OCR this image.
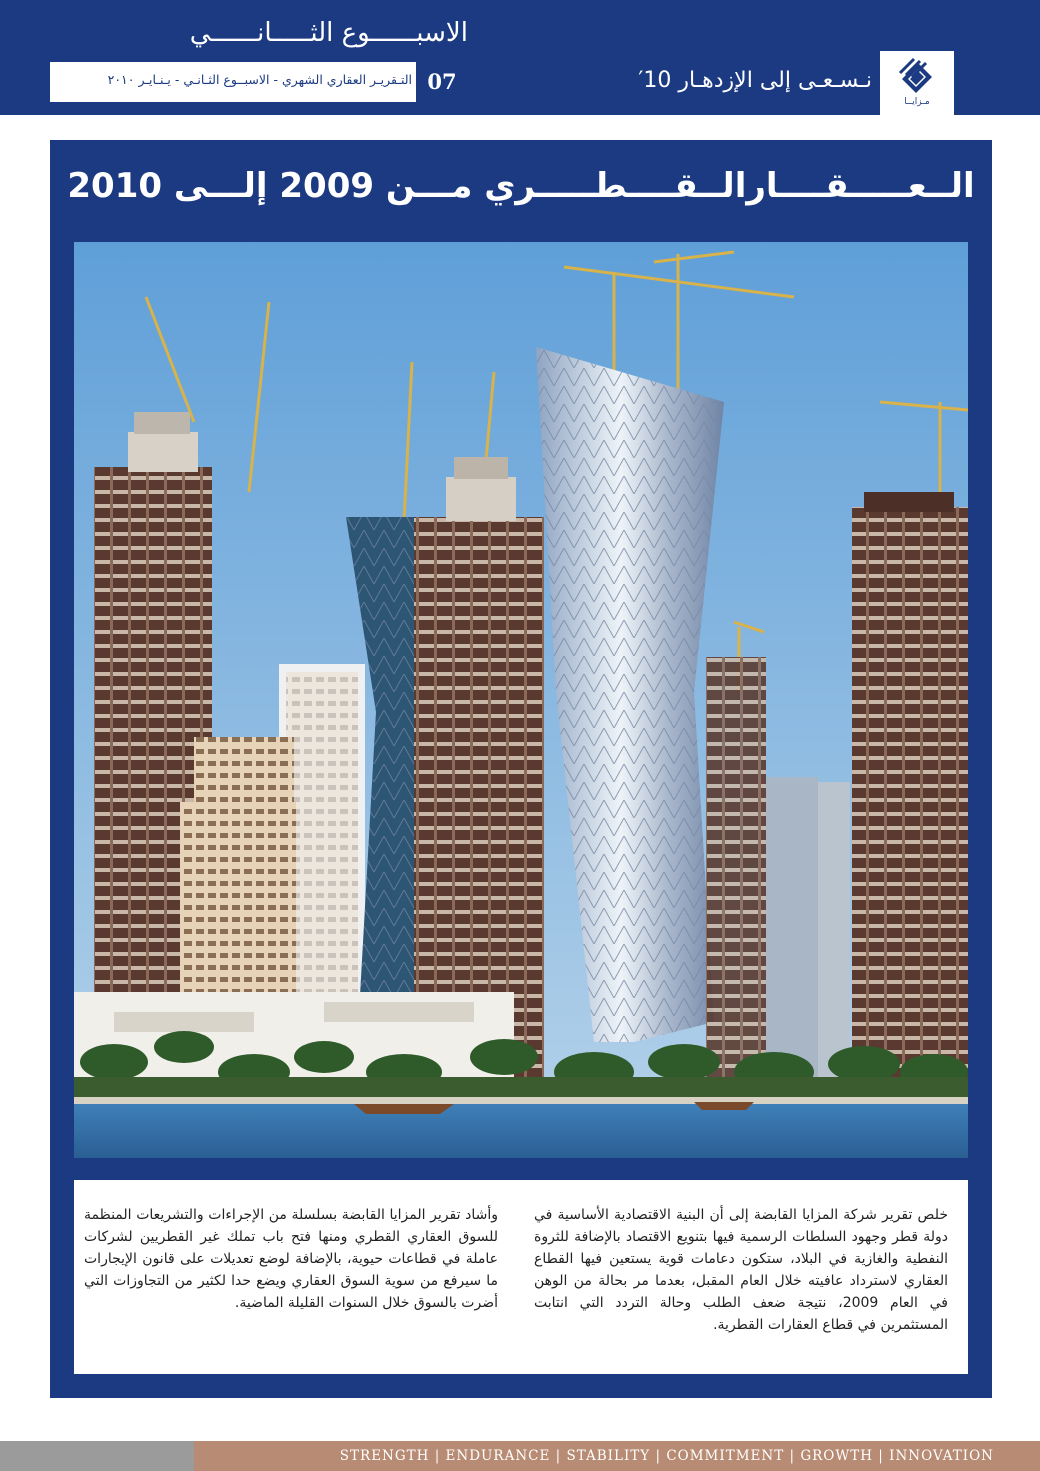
الاسبــــــوع الثـــــانــــــي
التـقريـر العقاري الشهري - الاسبــوع الثـانـي - يـنـايـر ٢٠١٠ 07	نـسـعـى إلى الإزدهـار 10′
مـزايــا
الــعـــــقــــارالــقــــطـــــري مـــن 2009 إلـــى 2010

خلص تقرير شركة المزايا القابضة إلى أن البنية الاقتصادية الأساسية في دولة قطر وجهود السلطات الرسمية فيها بتنويع الاقتصاد بالإضافة للثروة النفطية والغازية في البلاد، ستكون دعامات قوية يستعين فيها القطاع العقاري لاسترداد عافيته خلال العام المقبل، بعدما مر بحالة من الوهن في العام 2009، نتيجة ضعف الطلب وحالة التردد التي انتابت المستثمرين في قطاع العقارات القطرية.

وأشاد تقرير المزايا القابضة بسلسلة من الإجراءات والتشريعات المنظمة للسوق العقاري القطري ومنها فتح باب تملك غير القطريين لشركات عاملة في قطاعات حيوية، بالإضافة لوضع تعديلات على قانون الإيجارات ما سيرفع من سوية السوق العقاري ويضع حدا لكثير من التجاوزات التي أضرت بالسوق خلال السنوات القليلة الماضية.

STRENGTH | ENDURANCE | STABILITY | COMMITMENT | GROWTH | INNOVATION
